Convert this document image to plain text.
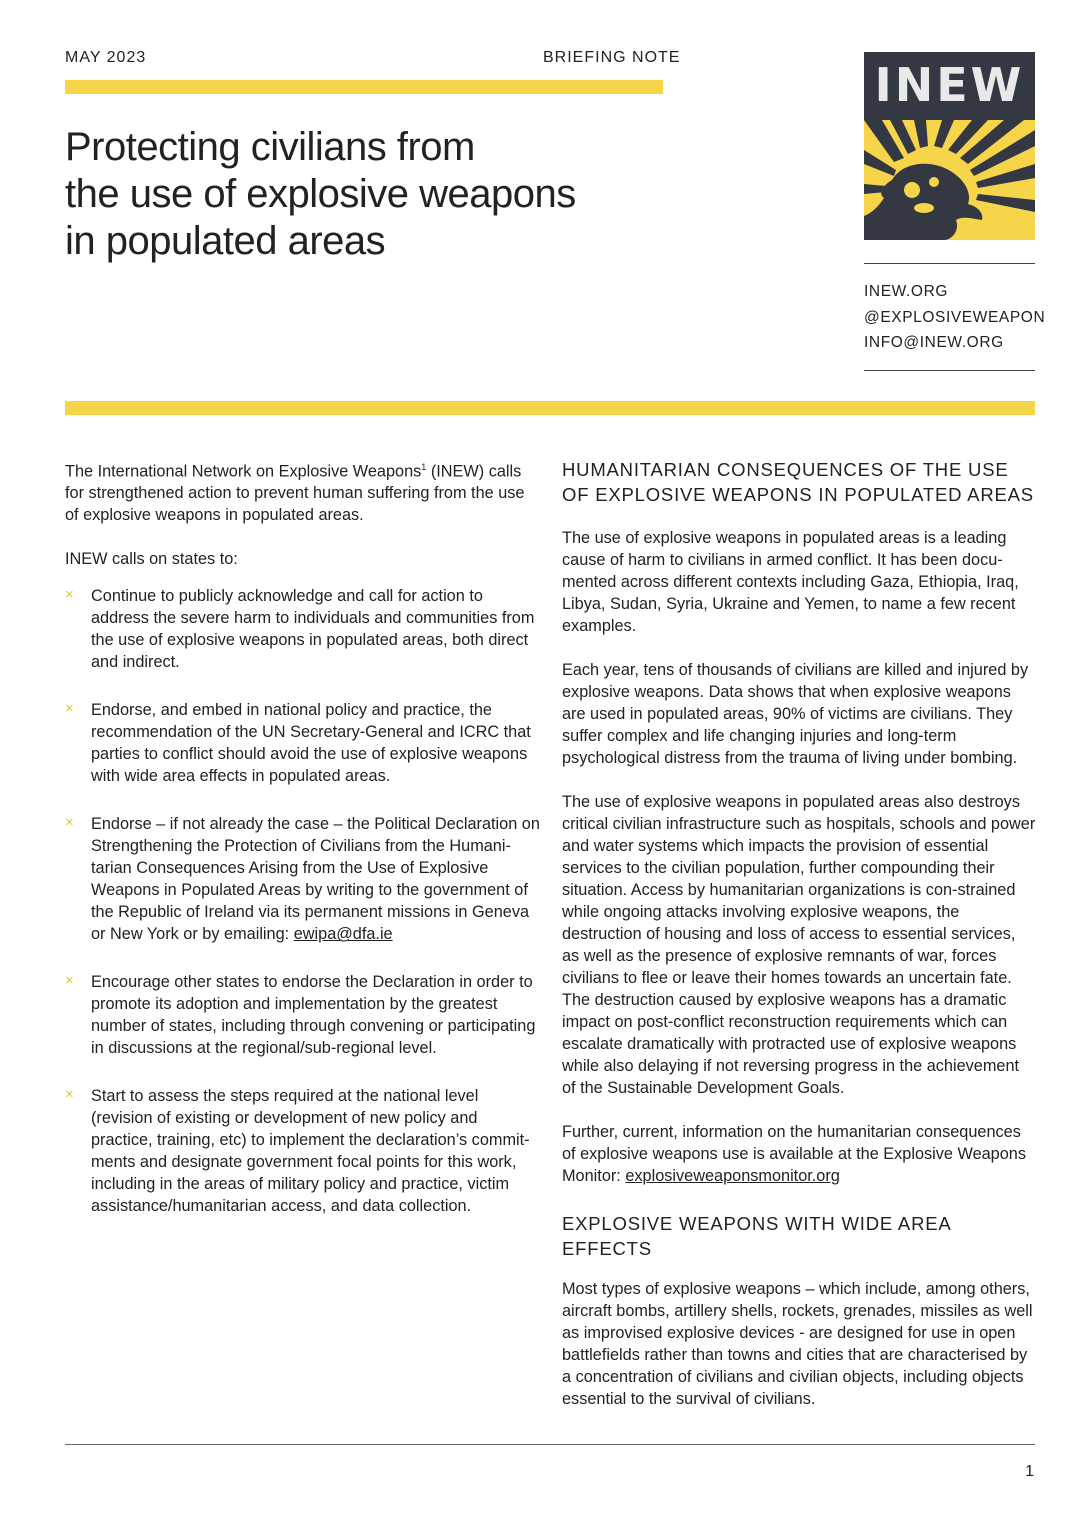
MAY 2023	BRIEFING NOTE
Protecting civilians from
the use of explosive weapons
in populated areas
INEW
INEW.ORG
@EXPLOSIVEWEAPON
INFO@INEW.ORG

The International Network on Explosive Weapons$^1$ (INEW) calls for strengthened action to prevent human suffering from the use of explosive weapons in populated areas.

INEW calls on states to:

× Continue to publicly acknowledge and call for action to address the severe harm to individuals and communities from the use of explosive weapons in populated areas, both direct and indirect.
× Endorse, and embed in national policy and practice, the recommendation of the UN Secretary-General and ICRC that parties to conflict should avoid the use of explosive weapons with wide area effects in populated areas.
× Endorse – if not already the case – the Political Declaration on Strengthening the Protection of Civilians from the Humani-tarian Consequences Arising from the Use of Explosive Weapons in Populated Areas by writing to the government of the Republic of Ireland via its permanent missions in Geneva or New York or by emailing: ewipa@dfa.ie
× Encourage other states to endorse the Declaration in order to promote its adoption and implementation by the greatest number of states, including through convening or participating in discussions at the regional/sub-regional level.
× Start to assess the steps required at the national level (revision of existing or development of new policy and practice, training, etc) to implement the declaration’s commit-ments and designate government focal points for this work, including in the areas of military policy and practice, victim assistance/humanitarian access, and data collection.
HUMANITARIAN CONSEQUENCES OF THE USE OF EXPLOSIVE WEAPONS IN POPULATED AREAS

The use of explosive weapons in populated areas is a leading cause of harm to civilians in armed conflict. It has been docu-mented across different contexts including Gaza, Ethiopia, Iraq, Libya, Sudan, Syria, Ukraine and Yemen, to name a few recent examples.

Each year, tens of thousands of civilians are killed and injured by explosive weapons. Data shows that when explosive weapons are used in populated areas, 90% of victims are civilians. They suffer complex and life changing injuries and long-term psychological distress from the trauma of living under bombing.

The use of explosive weapons in populated areas also destroys critical civilian infrastructure such as hospitals, schools and power and water systems which impacts the provision of essential services to the civilian population, further compounding their situation. Access by humanitarian organizations is con-strained while ongoing attacks involving explosive weapons, the destruction of housing and loss of access to essential services, as well as the presence of explosive remnants of war, forces civilians to flee or leave their homes towards an uncertain fate. The destruction caused by explosive weapons has a dramatic impact on post-conflict reconstruction requirements which can escalate dramatically with protracted use of explosive weapons while also delaying if not reversing progress in the achievement of the Sustainable Development Goals.

Further, current, information on the humanitarian consequences of explosive weapons use is available at the Explosive Weapons Monitor: explosiveweaponsmonitor.org

EXPLOSIVE WEAPONS WITH WIDE AREA EFFECTS

Most types of explosive weapons – which include, among others, aircraft bombs, artillery shells, rockets, grenades, missiles as well as improvised explosive devices - are designed for use in open battlefields rather than towns and cities that are characterised by a concentration of civilians and civilian objects, including objects essential to the survival of civilians.

1
